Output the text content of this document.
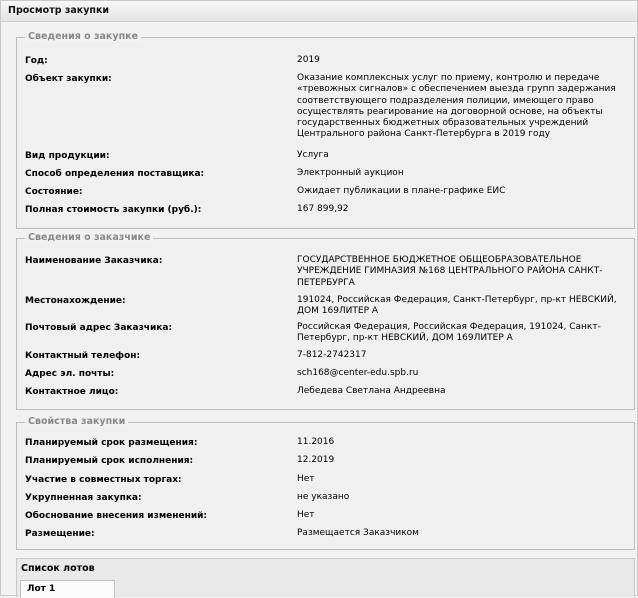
Просмотр закупки
Сведения о закупке
Год:	2019
Объект закупки:	Оказание комплексных услуг по приему, контролю и передаче «тревожных сигналов» с обеспечением выезда групп задержания соответствующего подразделения полиции, имеющего право осуществлять реагирование на договорной основе, на объекты государственных бюджетных образовательных учреждений Центрального района Санкт-Петербурга в 2019 году
Вид продукции:	Услуга
Способ определения поставщика:	Электронный аукцион
Состояние:	Ожидает публикации в плане-графике ЕИС
Полная стоимость закупки (руб.):	167 899,92
Сведения о заказчике
Наименование Заказчика:	ГОСУДАРСТВЕННОЕ БЮДЖЕТНОЕ ОБЩЕОБРАЗОВАТЕЛЬНОЕ УЧРЕЖДЕНИЕ ГИМНАЗИЯ №168 ЦЕНТРАЛЬНОГО РАЙОНА САНКТ-ПЕТЕРБУРГА
Местонахождение:	191024, Российская Федерация, Санкт-Петербург, пр-кт НЕВСКИЙ, ДОМ 169ЛИТЕР А
Почтовый адрес Заказчика:	Российская Федерация, Российская Федерация, 191024, Санкт-Петербург, пр-кт НЕВСКИЙ, ДОМ 169ЛИТЕР А
Контактный телефон:	7-812-2742317
Адрес эл. почты:	sch168@center-edu.spb.ru
Контактное лицо:	Лебедева Светлана Андреевна
Свойства закупки
Планируемый срок размещения:	11.2016
Планируемый срок исполнения:	12.2019
Участие в совместных торгах:	Нет
Укрупненная закупка:	не указано
Обоснование внесения изменений:	Нет
Размещение:	Размещается Заказчиком
Список лотов
Лот 1
